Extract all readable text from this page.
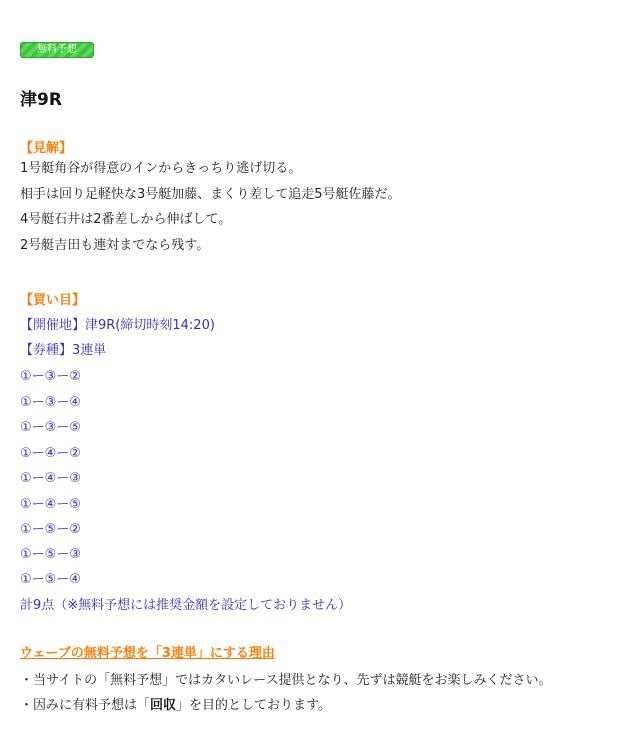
無料予想
津9R
【見解】
1号艇角谷が得意のインからきっちり逃げ切る。
相手は回り足軽快な3号艇加藤、まくり差して追走5号艇佐藤だ。
4号艇石井は2番差しから伸ばして。
2号艇吉田も連対までなら残す。
【買い目】
【開催地】津9R(締切時刻14:20)
【券種】3連単
①ー③ー②
①ー③ー④
①ー③ー⑤
①ー④ー②
①ー④ー③
①ー④ー⑤
①ー⑤ー②
①ー⑤ー③
①ー⑤ー④
計9点（※無料予想には推奨金額を設定しておりません）
ウェーブの無料予想を「3連単」にする理由
・当サイトの「無料予想」ではカタいレース提供となり、先ずは競艇をお楽しみください。
・因みに有料予想は「回収」を目的としております。
